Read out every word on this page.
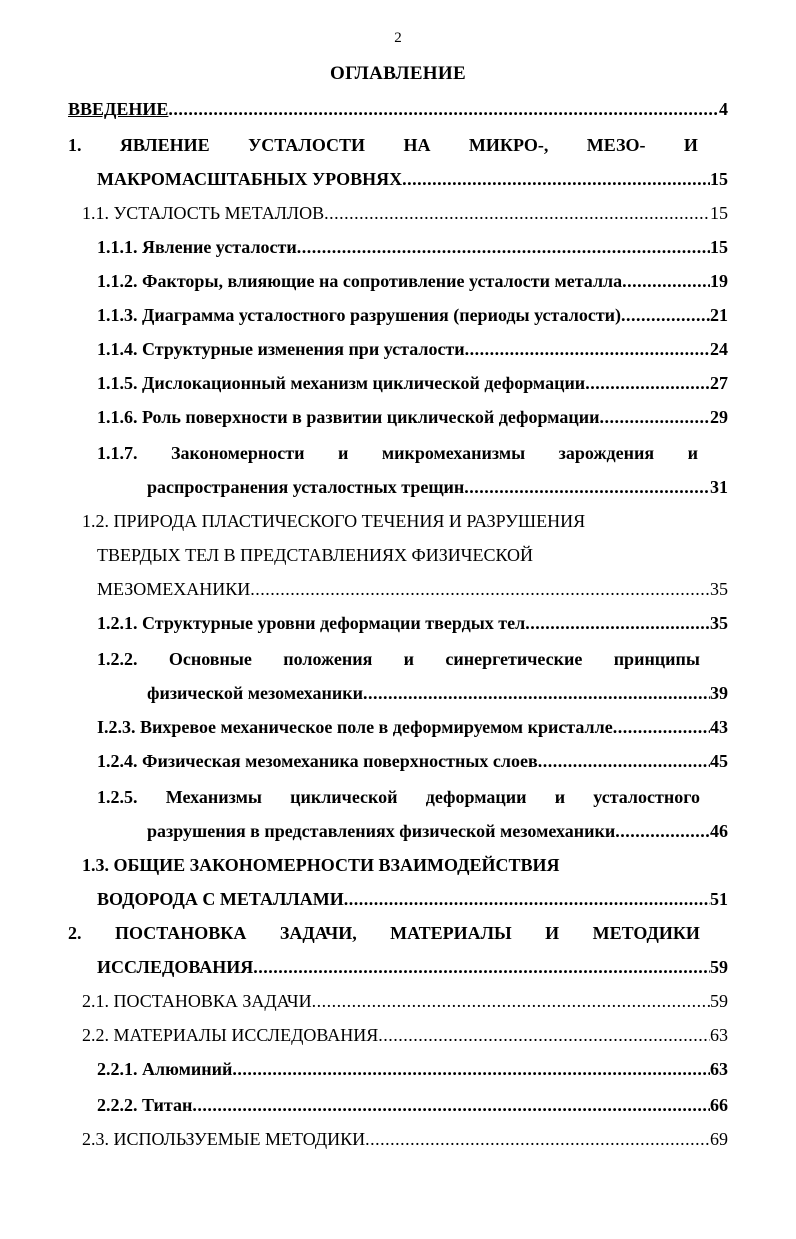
2
ОГЛАВЛЕНИЕ
ВВЕДЕНИЕ .....	4
1. ЯВЛЕНИЕ УСТАЛОСТИ НА МИКРО-, МЕЗО- И
МАКРОМАСШТАБНЫХ УРОВНЯХ .....	15
1.1. УСТАЛОСТЬ МЕТАЛЛОВ .....	15
1.1.1. Явление усталости .....	15
1.1.2. Факторы, влияющие на сопротивление усталости металла .....	19
1.1.3. Диаграмма усталостного разрушения (периоды усталости) .....	21
1.1.4. Структурные изменения при усталости .....	24
1.1.5. Дислокационный механизм циклической деформации .....	27
1.1.6. Роль поверхности в развитии циклической деформации .....	29
1.1.7. Закономерности и микромеханизмы зарождения и
распространения усталостных трещин .....	31
1.2. ПРИРОДА ПЛАСТИЧЕСКОГО ТЕЧЕНИЯ И РАЗРУШЕНИЯ
ТВЕРДЫХ ТЕЛ В ПРЕДСТАВЛЕНИЯХ ФИЗИЧЕСКОЙ
МЕЗОМЕХАНИКИ .....	35
1.2.1. Структурные уровни деформации твердых тел .....	35
1.2.2. Основные положения и синергетические принципы
физической мезомеханики .....	39
I.2.3. Вихревое механическое поле в деформируемом кристалле .....	43
1.2.4. Физическая мезомеханика поверхностных слоев .....	45
1.2.5. Механизмы циклической деформации и усталостного
разрушения в представлениях физической мезомеханики .....	46
1.3. ОБЩИЕ ЗАКОНОМЕРНОСТИ ВЗАИМОДЕЙСТВИЯ
ВОДОРОДА С МЕТАЛЛАМИ .....	51
2. ПОСТАНОВКА ЗАДАЧИ, МАТЕРИАЛЫ И МЕТОДИКИ
ИССЛЕДОВАНИЯ .....	59
2.1. ПОСТАНОВКА ЗАДАЧИ .....	59
2.2. МАТЕРИАЛЫ ИССЛЕДОВАНИЯ .....	63
2.2.1. Алюминий .....	63
2.2.2. Титан .....	66
2.3. ИСПОЛЬЗУЕМЫЕ МЕТОДИКИ .....	69
